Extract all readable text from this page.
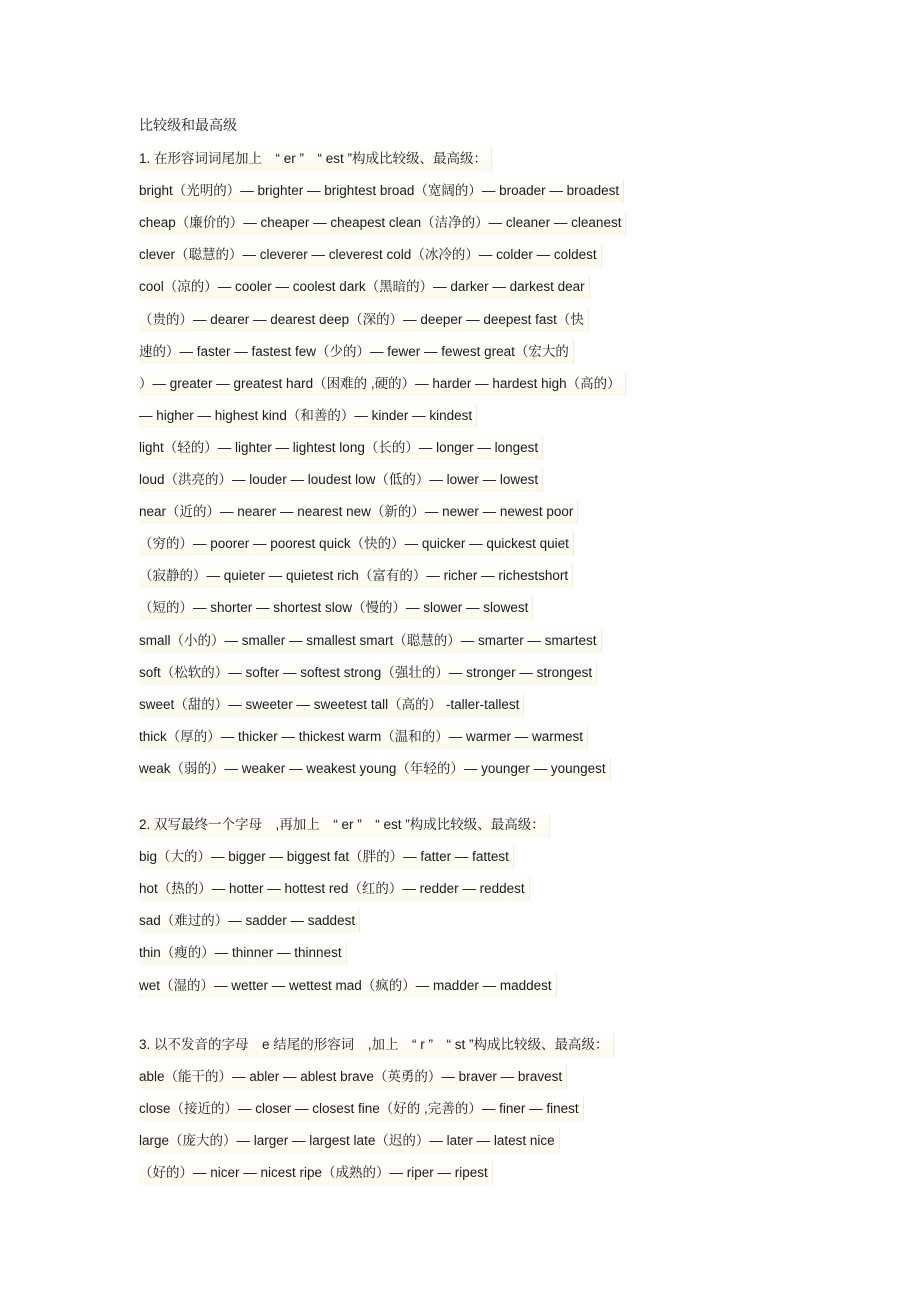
比较级和最高级
1. 在形容词词尾加上　“ er ”　“ est ”构成比较级、最高级：
bright（光明的）— brighter — brightest broad（宽阔的）— broader — broadest
cheap（廉价的）— cheaper — cheapest clean（洁净的）— cleaner — cleanest
clever（聪慧的）— cleverer — cleverest cold（冰冷的）— colder — coldest
cool（凉的）— cooler — coolest dark（黑暗的）— darker — darkest dear
（贵的）— dearer — dearest deep（深的）— deeper — deepest fast（快
速的）— faster — fastest few（少的）— fewer — fewest great（宏大的
）— greater — greatest hard（困难的 ,硬的）— harder — hardest high（高的）
— higher — highest kind（和善的）— kinder — kindest
light（轻的）— lighter — lightest long（长的）— longer — longest
loud（洪亮的）— louder — loudest low（低的）— lower — lowest
near（近的）— nearer — nearest new（新的）— newer — newest poor
（穷的）— poorer — poorest quick（快的）— quicker — quickest quiet
（寂静的）— quieter — quietest rich（富有的）— richer — richestshort
（短的）— shorter — shortest slow（慢的）— slower — slowest
small（小的）— smaller — smallest smart（聪慧的）— smarter — smartest
soft（松软的）— softer — softest strong（强壮的）— stronger — strongest
sweet（甜的）— sweeter — sweetest tall（高的） -taller-tallest
thick（厚的）— thicker — thickest warm（温和的）— warmer — warmest
weak（弱的）— weaker — weakest young（年轻的）— younger — youngest
2. 双写最终一个字母　,再加上　“ er ”　“ est ”构成比较级、最高级：
big（大的）— bigger — biggest fat（胖的）— fatter — fattest
hot（热的）— hotter — hottest red（红的）— redder — reddest
sad（难过的）— sadder — saddest
thin（瘦的）— thinner — thinnest
wet（湿的）— wetter — wettest mad（疯的）— madder — maddest
3. 以不发音的字母　e 结尾的形容词　,加上　“ r ”　“ st ”构成比较级、最高级：
able（能干的）— abler — ablest brave（英勇的）— braver — bravest
close（接近的）— closer — closest fine（好的 ,完善的）— finer — finest
large（庞大的）— larger — largest late（迟的）— later — latest nice
（好的）— nicer — nicest ripe（成熟的）— riper — ripest
